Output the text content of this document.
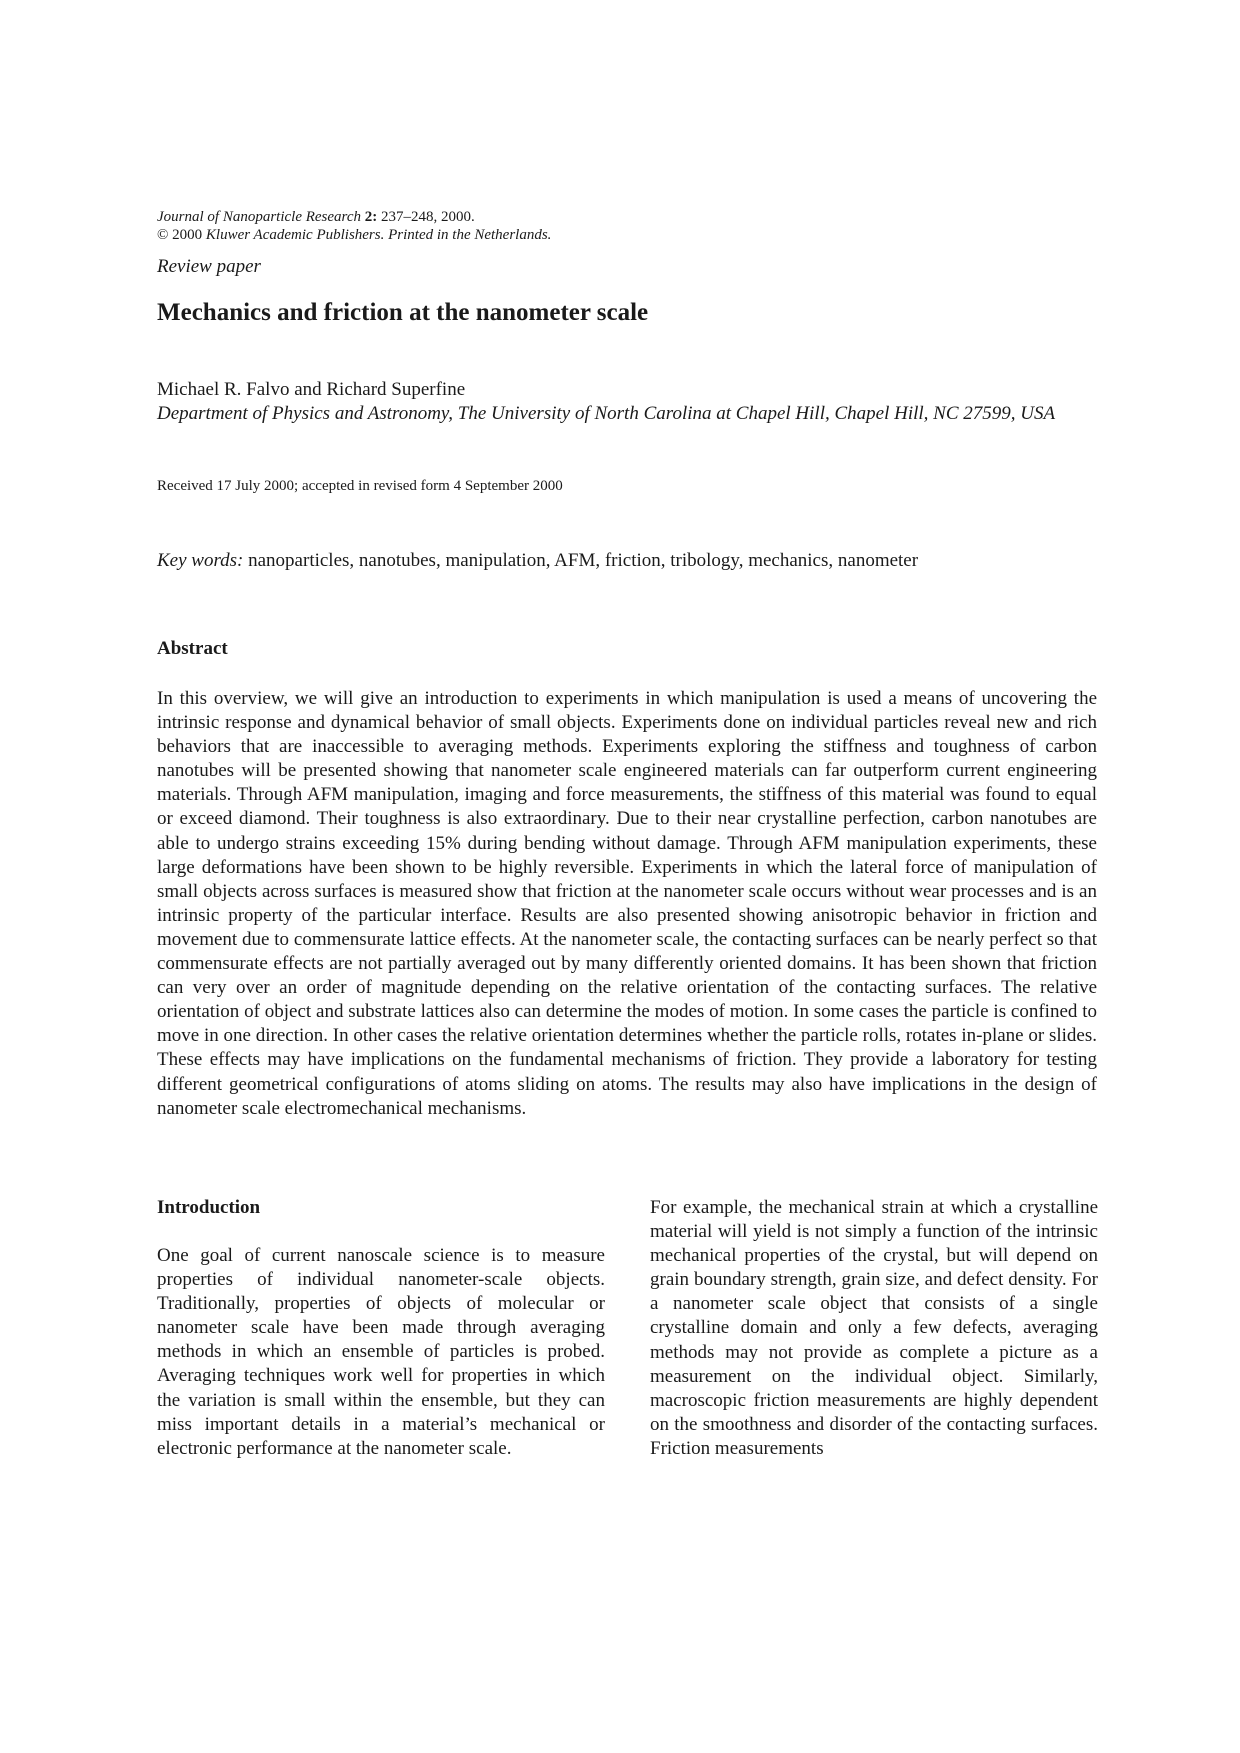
Journal of Nanoparticle Research 2: 237–248, 2000.
© 2000 Kluwer Academic Publishers. Printed in the Netherlands.
Review paper
Mechanics and friction at the nanometer scale
Michael R. Falvo and Richard Superfine
Department of Physics and Astronomy, The University of North Carolina at Chapel Hill, Chapel Hill, NC 27599, USA
Received 17 July 2000; accepted in revised form 4 September 2000
Key words: nanoparticles, nanotubes, manipulation, AFM, friction, tribology, mechanics, nanometer
Abstract

In this overview, we will give an introduction to experiments in which manipulation is used a means of uncovering the intrinsic response and dynamical behavior of small objects. Experiments done on individual particles reveal new and rich behaviors that are inaccessible to averaging methods. Experiments exploring the stiffness and toughness of carbon nanotubes will be presented showing that nanometer scale engineered materials can far outperform current engineering materials. Through AFM manipulation, imaging and force measurements, the stiffness of this material was found to equal or exceed diamond. Their toughness is also extraordinary. Due to their near crystalline perfection, carbon nanotubes are able to undergo strains exceeding 15% during bending without damage. Through AFM manipulation experiments, these large deformations have been shown to be highly reversible. Experiments in which the lateral force of manipulation of small objects across surfaces is measured show that friction at the nanometer scale occurs without wear processes and is an intrinsic property of the particular interface. Results are also presented showing anisotropic behavior in friction and movement due to commensurate lattice effects. At the nanometer scale, the contacting surfaces can be nearly perfect so that commensurate effects are not partially averaged out by many differently oriented domains. It has been shown that friction can very over an order of magnitude depending on the relative orientation of the contacting surfaces. The relative orientation of object and substrate lattices also can determine the modes of motion. In some cases the particle is confined to move in one direction. In other cases the relative orientation determines whether the particle rolls, rotates in-plane or slides. These effects may have implications on the fundamental mechanisms of friction. They provide a laboratory for testing different geometrical configurations of atoms sliding on atoms. The results may also have implications in the design of nanometer scale electromechanical mechanisms.

Introduction

One goal of current nanoscale science is to measure properties of individual nanometer-scale objects. Traditionally, properties of objects of molecular or nanometer scale have been made through averaging methods in which an ensemble of particles is probed. Averaging techniques work well for properties in which the variation is small within the ensemble, but they can miss important details in a material’s mechanical or electronic performance at the nanometer scale.

For example, the mechanical strain at which a crystalline material will yield is not simply a function of the intrinsic mechanical properties of the crystal, but will depend on grain boundary strength, grain size, and defect density. For a nanometer scale object that consists of a single crystalline domain and only a few defects, averaging methods may not provide as complete a picture as a measurement on the individual object. Similarly, macroscopic friction measurements are highly dependent on the smoothness and disorder of the contacting surfaces. Friction measurements
